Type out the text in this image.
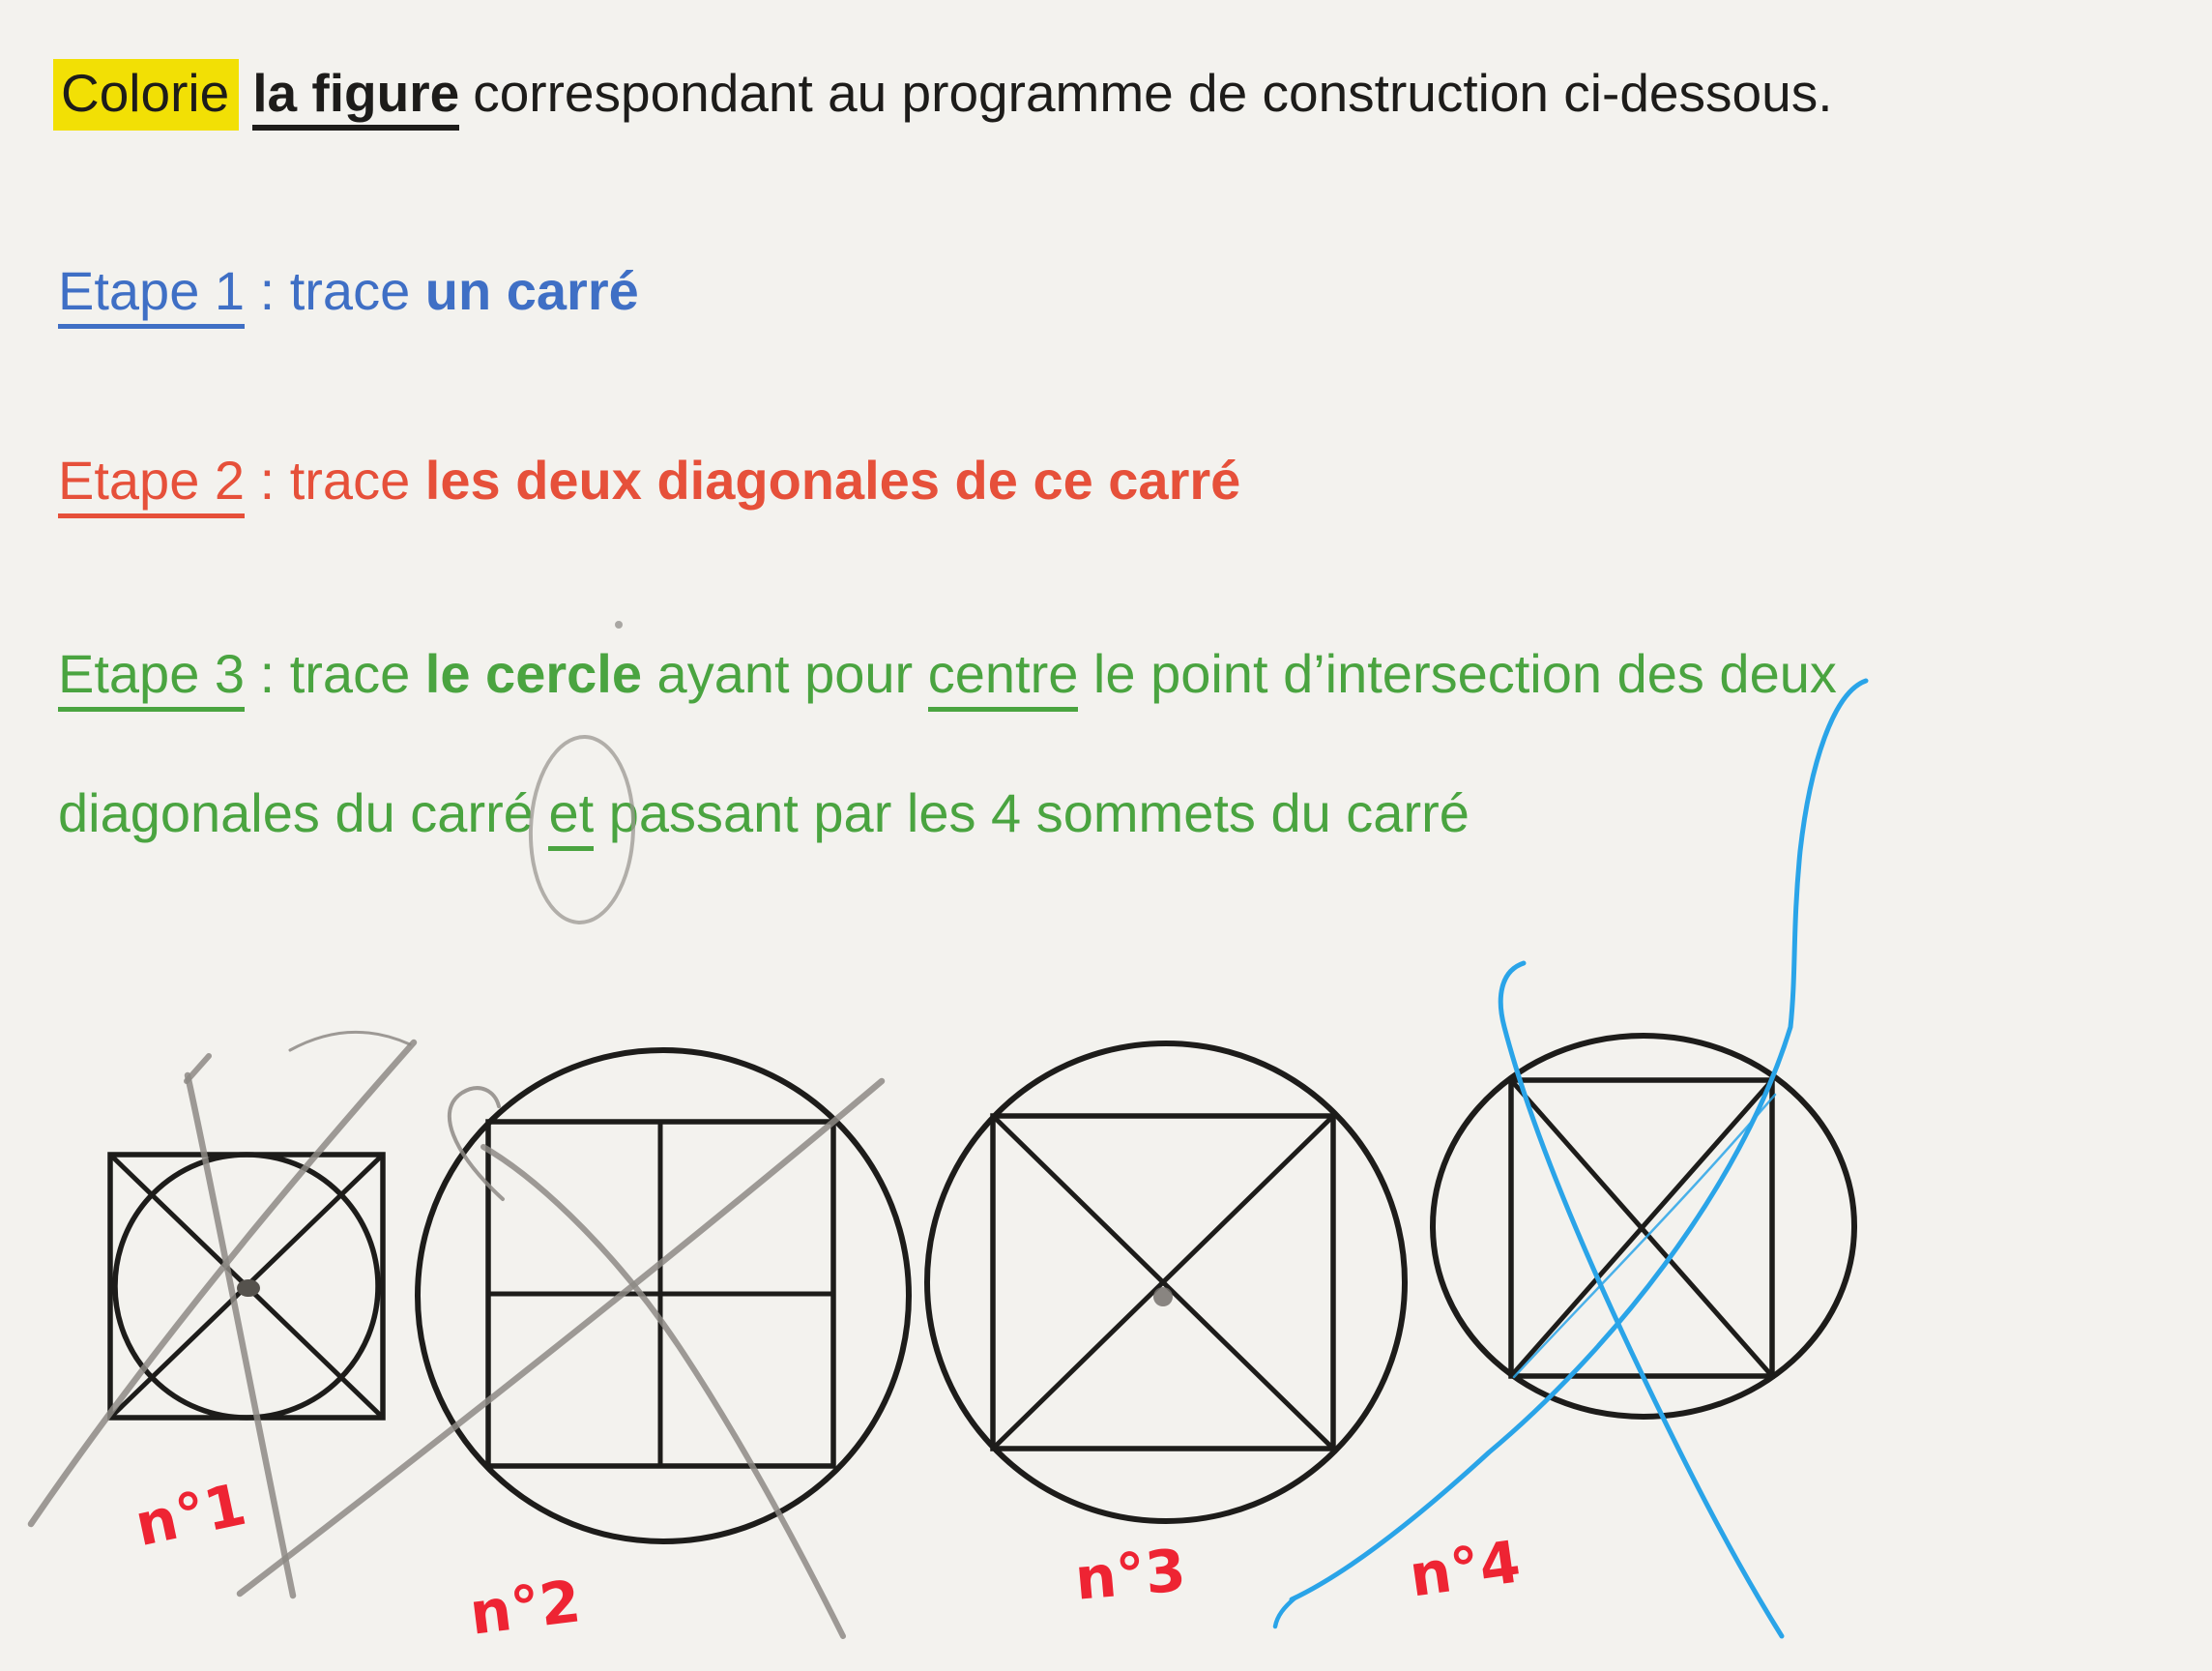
Colorie la figure correspondant au programme de construction ci-dessous.
Etape 1 : trace un carré
Etape 2 : trace les deux diagonales de ce carré
Etape 3 : trace le cercle ayant pour centre le point d’intersection des deux
diagonales du carré et
passant par les 4 sommets du carré
n°1
n°2	n°3	n°4
